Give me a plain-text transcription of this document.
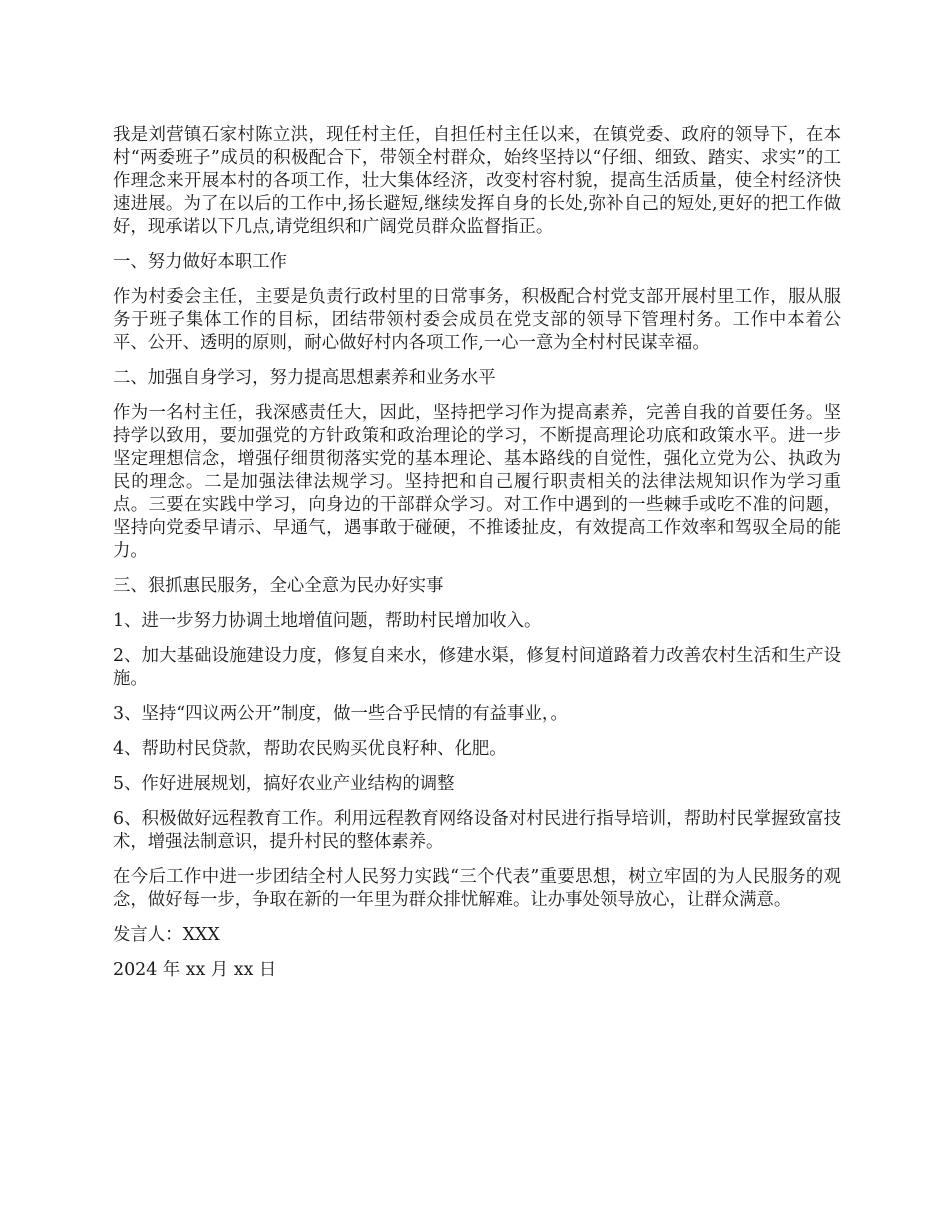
我是刘营镇石家村陈立洪，现任村主任，自担任村主任以来，在镇党委、政府的领导下，在本村“两委班子”成员的积极配合下，带领全村群众，始终坚持以“仔细、细致、踏实、求实”的工作理念来开展本村的各项工作，壮大集体经济，改变村容村貌，提高生活质量，使全村经济快速进展。为了在以后的工作中,扬长避短,继续发挥自身的长处,弥补自己的短处,更好的把工作做好，现承诺以下几点,请党组织和广阔党员群众监督指正。

一、努力做好本职工作

作为村委会主任，主要是负责行政村里的日常事务，积极配合村党支部开展村里工作，服从服务于班子集体工作的目标，团结带领村委会成员在党支部的领导下管理村务。工作中本着公平、公开、透明的原则，耐心做好村内各项工作,一心一意为全村村民谋幸福。

二、加强自身学习，努力提高思想素养和业务水平

作为一名村主任，我深感责任大，因此，坚持把学习作为提高素养，完善自我的首要任务。坚持学以致用，要加强党的方针政策和政治理论的学习，不断提高理论功底和政策水平。进一步坚定理想信念，增强仔细贯彻落实党的基本理论、基本路线的自觉性，强化立党为公、执政为民的理念。二是加强法律法规学习。坚持把和自己履行职责相关的法律法规知识作为学习重点。三要在实践中学习，向身边的干部群众学习。对工作中遇到的一些棘手或吃不准的问题，坚持向党委早请示、早通气，遇事敢于碰硬，不推诿扯皮，有效提高工作效率和驾驭全局的能力。

三、狠抓惠民服务，全心全意为民办好实事

1、进一步努力协调土地增值问题，帮助村民增加收入。

2、加大基础设施建设力度，修复自来水，修建水渠，修复村间道路着力改善农村生活和生产设施。

3、坚持“四议两公开”制度，做一些合乎民情的有益事业，。

4、帮助村民贷款，帮助农民购买优良籽种、化肥。

5、作好进展规划，搞好农业产业结构的调整

6、积极做好远程教育工作。利用远程教育网络设备对村民进行指导培训，帮助村民掌握致富技术，增强法制意识，提升村民的整体素养。

在今后工作中进一步团结全村人民努力实践“三个代表”重要思想，树立牢固的为人民服务的观念，做好每一步，争取在新的一年里为群众排忧解难。让办事处领导放心，让群众满意。

发言人：XXX

2024 年 xx 月 xx 日
